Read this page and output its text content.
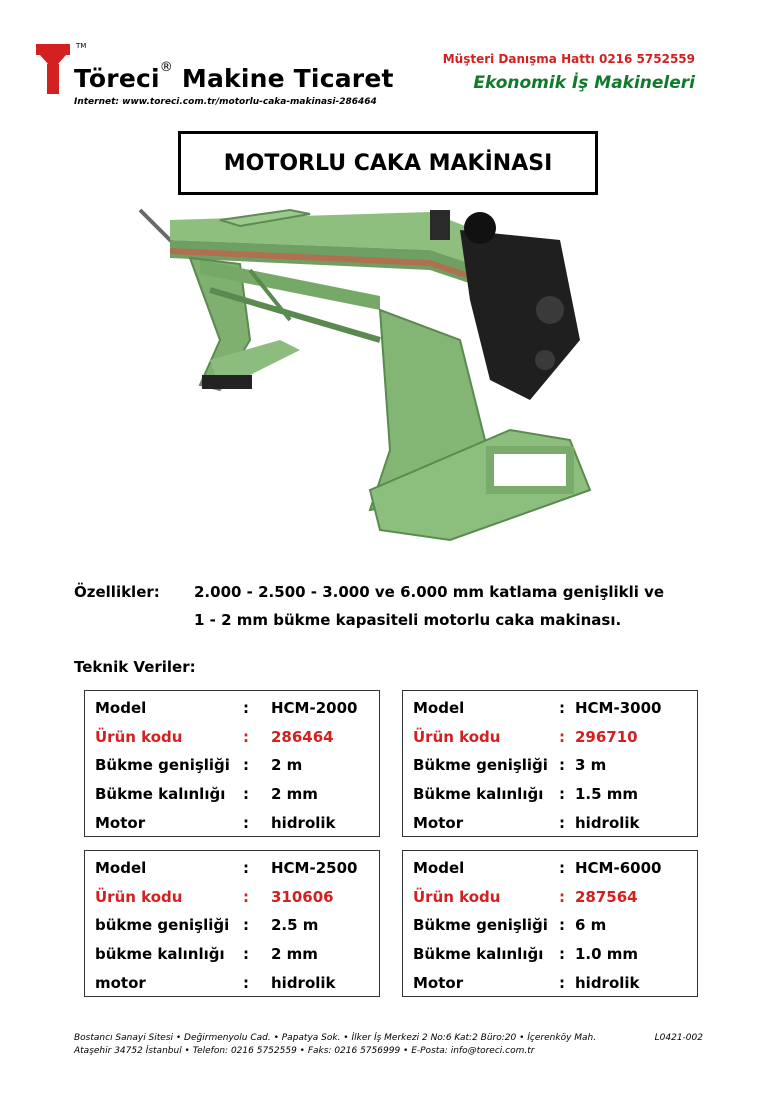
TM
Töreci® Makine Ticaret
Internet: www.toreci.com.tr/motorlu-caka-makinasi-286464
Müşteri Danışma Hattı 0216 5752559
Ekonomik İş Makineleri
MOTORLU CAKA MAKİNASI
Özellikler: 2.000 - 2.500 - 3.000 ve 6.000 mm katlama genişlikli ve
1 - 2 mm bükme kapasiteli motorlu caka makinası.
Teknik Veriler:
Model	: HCM-2000
Ürün kodu	: 286464
Bükme genişliği : 2 m
Bükme kalınlığı : 2 mm
Motor	: hidrolik
Model	: HCM-3000
Ürün kodu	: 296710
Bükme genişliği : 3 m
Bükme kalınlığı : 1.5 mm
Motor	: hidrolik
Model	: HCM-2500
Ürün kodu	: 310606
bükme genişliği : 2.5 m
bükme kalınlığı : 2 mm
motor	: hidrolik
Model	: HCM-6000
Ürün kodu	: 287564
Bükme genişliği : 6 m
Bükme kalınlığı : 1.0 mm
Motor	: hidrolik
Bostancı Sanayi Sitesi • Değirmenyolu Cad. • Papatya Sok. • İlker İş Merkezi 2 No:6 Kat:2 Büro:20 • İçerenköy Mah.
Ataşehir 34752 İstanbul • Telefon: 0216 5752559 • Faks: 0216 5756999 • E-Posta: info@toreci.com.tr
L0421-002
